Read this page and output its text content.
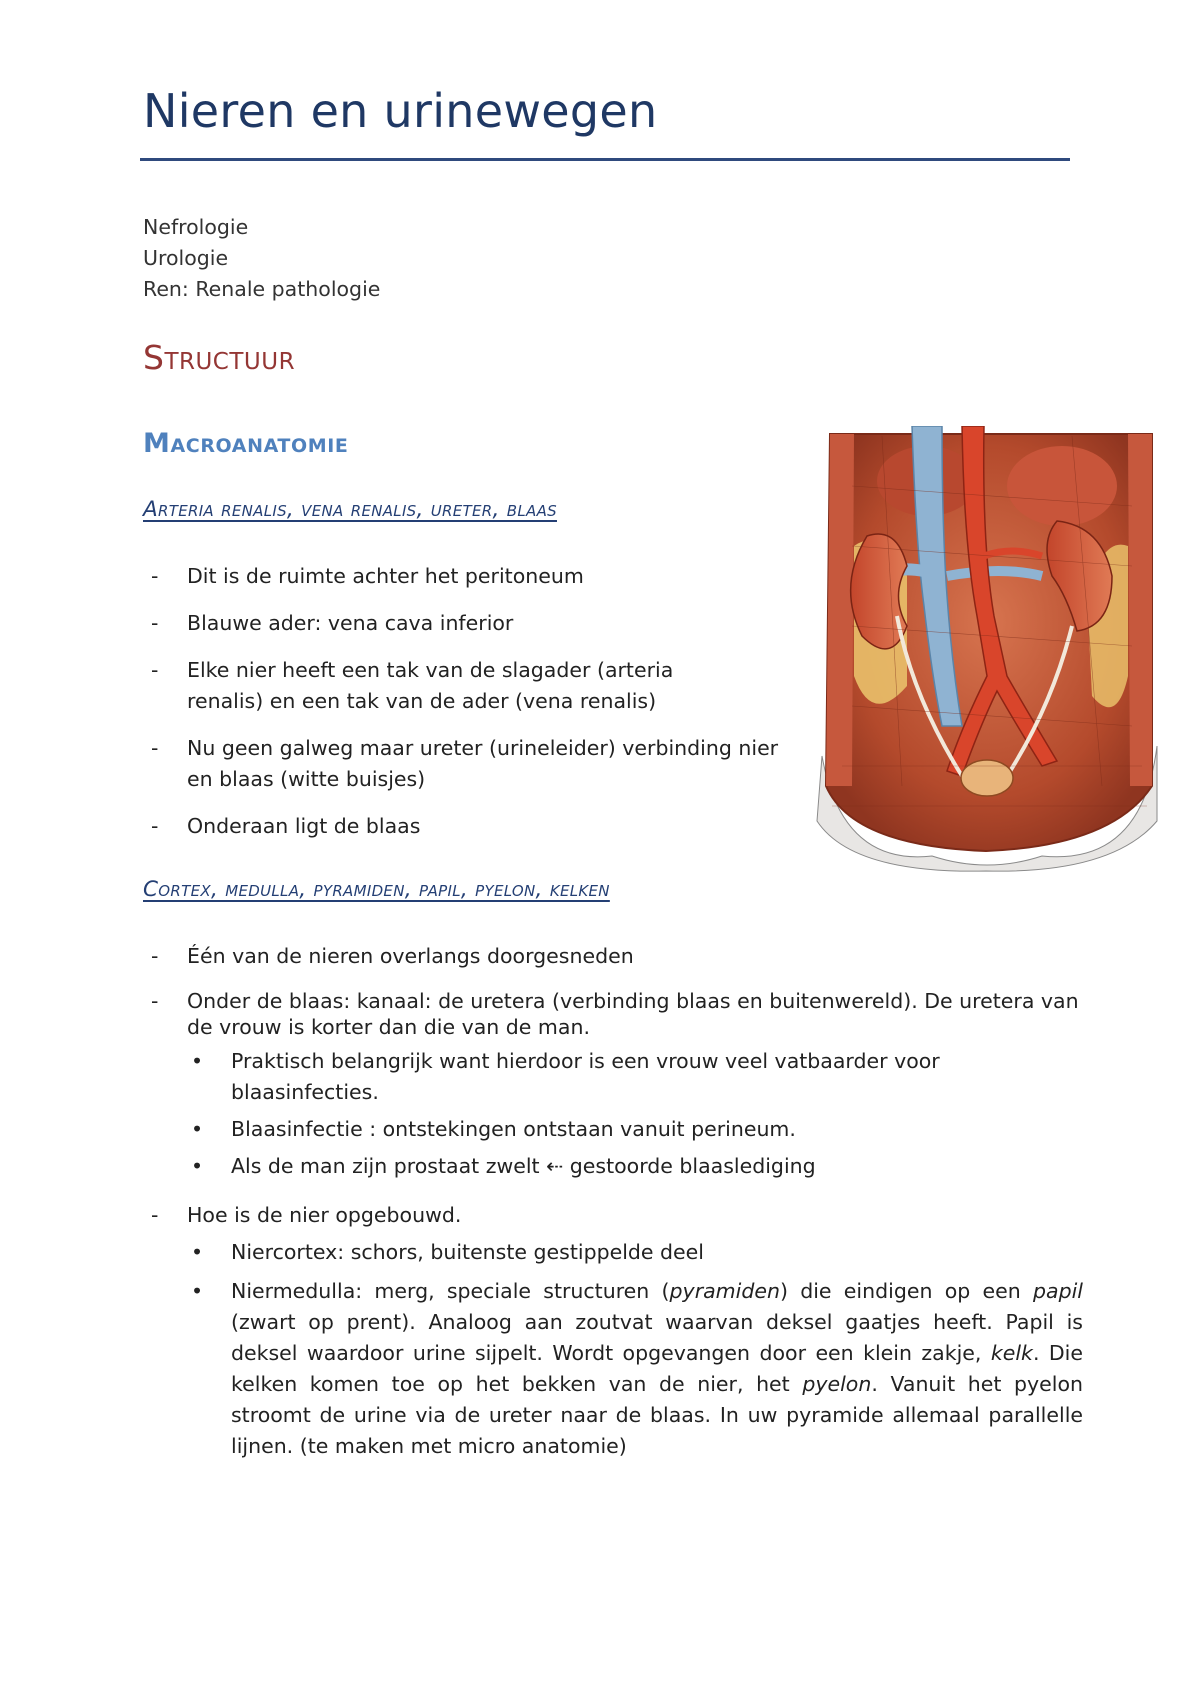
Nieren en urinewegen
Nefrologie
Urologie
Ren: Renale pathologie
Structuur
Macroanatomie
Arteria renalis, vena renalis, ureter, blaas
- Dit is de ruimte achter het peritoneum
- Blauwe ader: vena cava inferior
- Elke nier heeft een tak van de slagader (arteria renalis) en een tak van de ader (vena renalis)
- Nu geen galweg maar ureter (urineleider) verbinding nier en blaas (witte buisjes)
- Onderaan ligt de blaas
Cortex, medulla, pyramiden, papil, pyelon, kelken
- Één van de nieren overlangs doorgesneden
- Onder de blaas: kanaal: de uretera (verbinding blaas en buitenwereld). De uretera van de vrouw is korter dan die van de man.
• Praktisch belangrijk want hierdoor is een vrouw veel vatbaarder voor blaasinfecties.
• Blaasinfectie : ontstekingen ontstaan vanuit perineum.
• Als de man zijn prostaat zwelt ⇠ gestoorde blaaslediging
- Hoe is de nier opgebouwd.
• Niercortex: schors, buitenste gestippelde deel
• Niermedulla: merg, speciale structuren (pyramiden) die eindigen op een papil (zwart op prent). Analoog aan zoutvat waarvan deksel gaatjes heeft. Papil is deksel waardoor urine sijpelt. Wordt opgevangen door een klein zakje, kelk. Die kelken komen toe op het bekken van de nier, het pyelon. Vanuit het pyelon stroomt de urine via de ureter naar de blaas. In uw pyramide allemaal parallelle lijnen. (te maken met micro anatomie)
